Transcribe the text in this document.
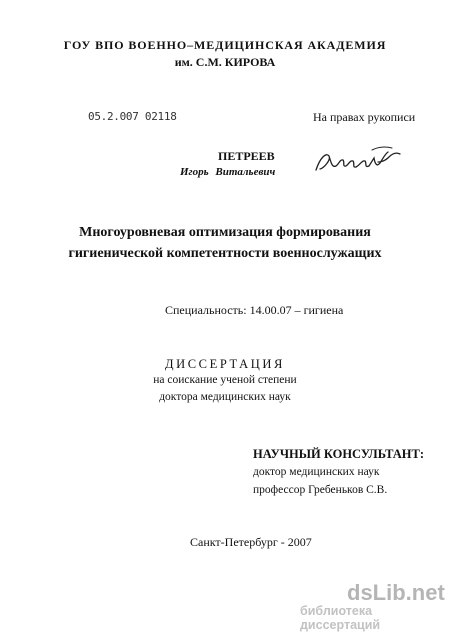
ГОУ ВПО ВОЕННО–МЕДИЦИНСКАЯ АКАДЕМИЯ
им. С.М. КИРОВА
05.2.007 02118	На правах рукописи
ПЕТРЕЕВ
Игорь Витальевич
Многоуровневая оптимизация формирования
гигиенической компетентности военнослужащих
Специальность: 14.00.07 – гигиена
ДИССЕРТАЦИЯ
на соискание ученой степени
доктора медицинских наук
НАУЧНЫЙ КОНСУЛЬТАНТ:
доктор медицинских наук
профессор Гребеньков С.В.
Санкт-Петербург - 2007
dsLib.net
библиотека диссертаций
